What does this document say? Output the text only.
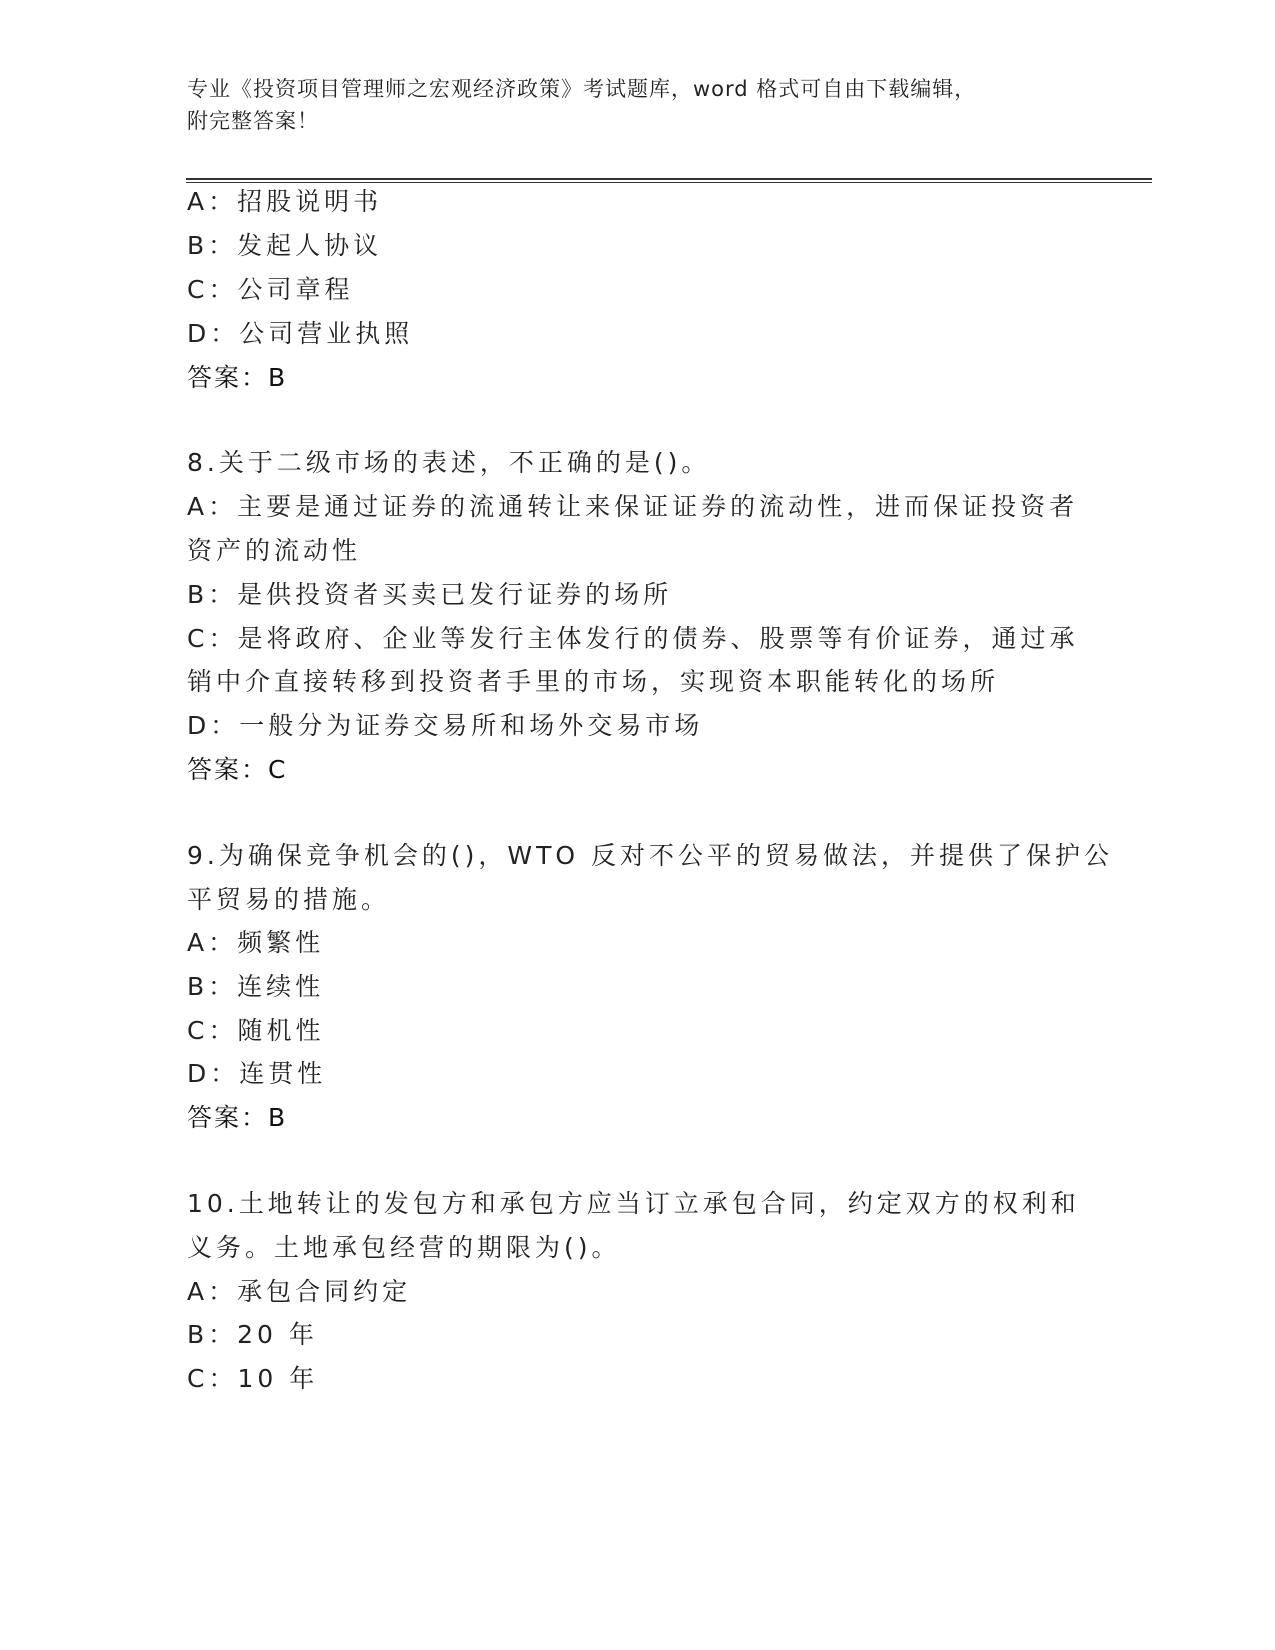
专业《投资项目管理师之宏观经济政策》考试题库，word 格式可自由下载编辑，
附完整答案！
A：招股说明书
B：发起人协议
C：公司章程
D：公司营业执照
答案：B
8.关于二级市场的表述，不正确的是()。
A：主要是通过证券的流通转让来保证证券的流动性，进而保证投资者
资产的流动性
B：是供投资者买卖已发行证券的场所
C：是将政府、企业等发行主体发行的债券、股票等有价证券，通过承
销中介直接转移到投资者手里的市场，实现资本职能转化的场所
D：一般分为证券交易所和场外交易市场
答案：C
9.为确保竞争机会的()，WTO 反对不公平的贸易做法，并提供了保护公
平贸易的措施。
A：频繁性
B：连续性
C：随机性
D：连贯性
答案：B
10.土地转让的发包方和承包方应当订立承包合同，约定双方的权利和
义务。土地承包经营的期限为()。
A：承包合同约定
B：20 年
C：10 年
